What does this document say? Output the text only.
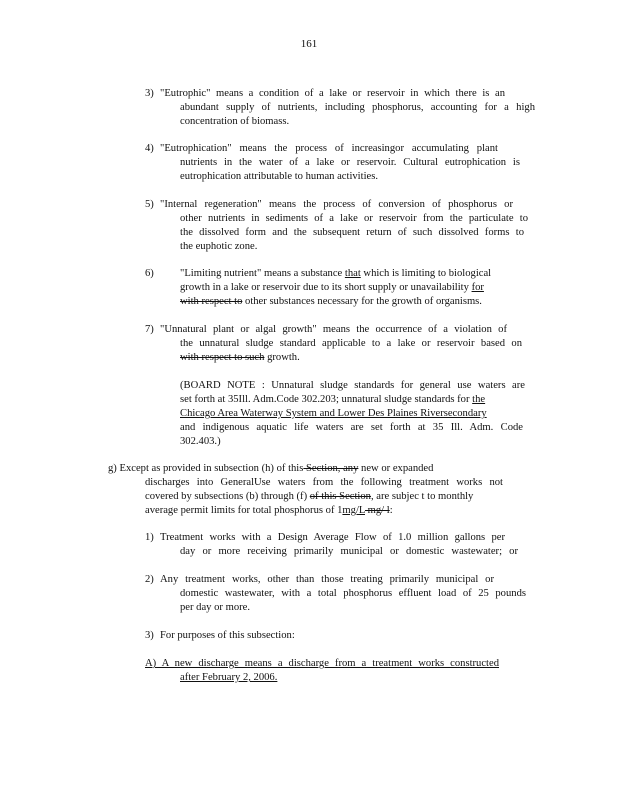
161
3) "Eutrophic" means a condition of a lake or reservoir in which there is an
abundant supply of nutrients, including phosphorus, accounting for a high
concentration of biomass.
4) "Eutrophication" means the process of increasingor accumulating plant
nutrients in the water of a lake or reservoir. Cultural eutrophication is
eutrophication attributable to human activities.
5) "Internal regeneration" means the process of conversion of phosphorus or
other nutrients in sediments of a lake or reservoir from the particulate to
the dissolved form and the subsequent return of such dissolved forms to
the euphotic zone.
6) "Limiting nutrient" means a substance that which is limiting to biological
growth in a lake or reservoir due to its short supply or unavailability for
with respect to other substances necessary for the growth of organisms.
7) "Unnatural plant or algal growth" means the occurrence of a violation of
the unnatural sludge standard applicable to a lake or reservoir based on
with respect to such growth.
(BOARD NOTE : Unnatural sludge standards for general use waters are
set forth at 35Ill. Adm.Code 302.203; unnatural sludge standards for the
Chicago Area Waterway System and Lower Des Plaines Riversecondary
and indigenous aquatic life waters are set forth at 35 Ill. Adm. Code
302.403.)
g) Except as provided in subsection (h) of this Section, any new or expanded
discharges into GeneralUse waters from the following treatment works not
covered by subsections (b) through (f) of this Section, are subjec t to monthly
average permit limits for total phosphorus of 1mg/L mg/ l:
1) Treatment works with a Design Average Flow of 1.0 million gallons per
day or more receiving primarily municipal or domestic wastewater; or
2) Any treatment works, other than those treating primarily municipal or
domestic wastewater, with a total phosphorus effluent load of 25 pounds
per day or more.
3) For purposes of this subsection:
A) A new discharge means a discharge from a treatment works constructed
after February 2, 2006.
